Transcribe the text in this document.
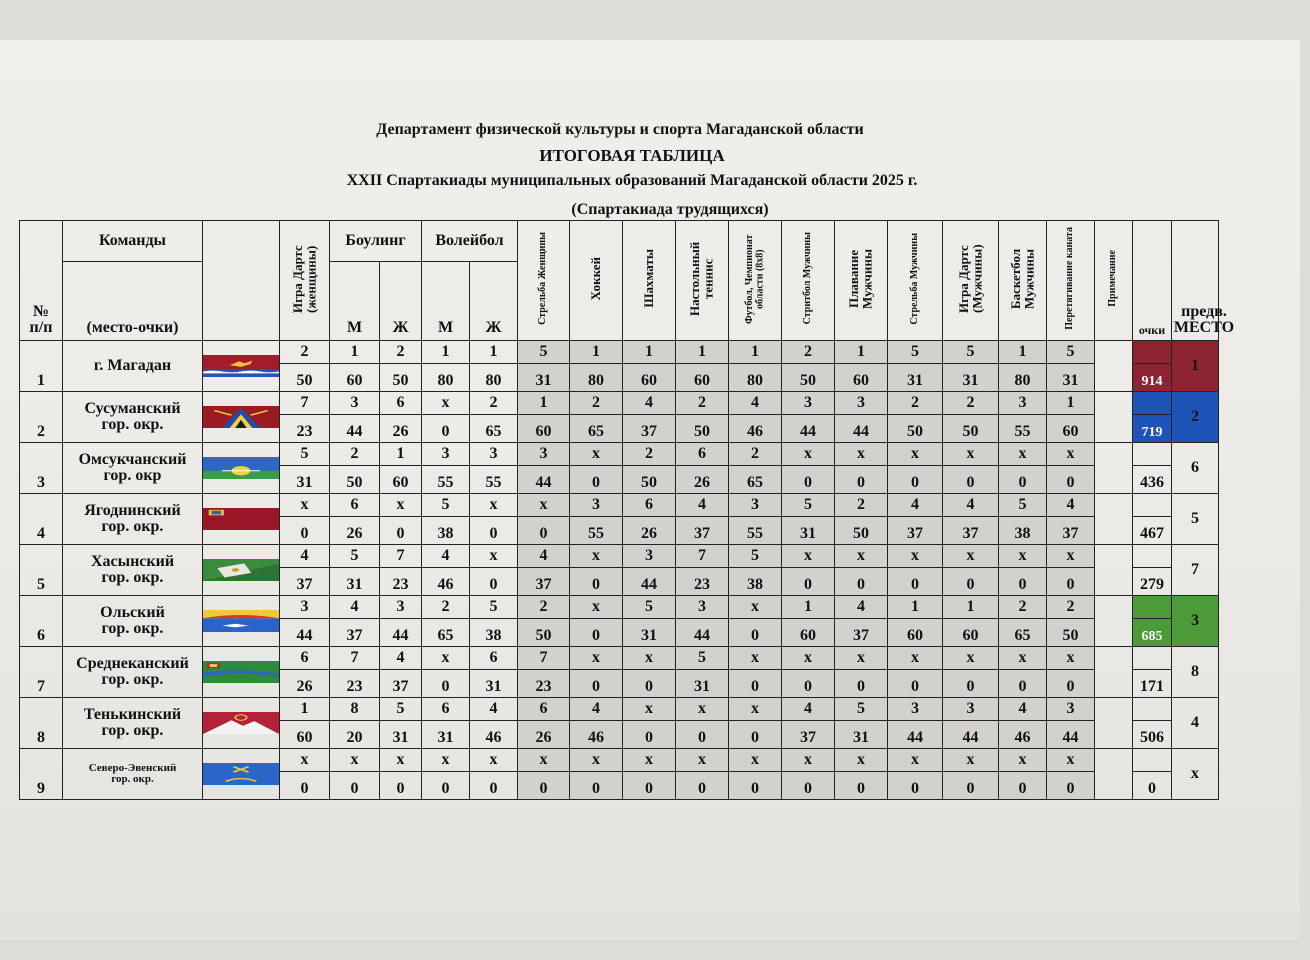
Департамент физической культуры и спорта Магаданской области
ИТОГОВАЯ ТАБЛИЦА
XXII Спартакиады муниципальных образований Магаданской области 2025 г.
(Спартакиада трудящихся)
№ п/п	Команды		Игра Дартс (женщины)	Боулинг		Волейбол		Стрельба Женщины	Хоккей	Шахматы	Настольный теннис	Футбол, Чемпионат области (8х8)	Стритбол Мужчины	Плавание Мужчины	Стрельба Мужчины	Игра Дартс (Мужчины)	Баскетбол Мужчины	Перетягивание каната	Примечание	очки	предв. МЕСТО
	(место-очки)			М	Ж	М	Ж														
1	г. Магадан		2	1	2	1	1	5	1	1	1	1	2	1	5	5	1	5			1
			50	60	50	80	80	31	80	60	60	80	50	60	31	31	80	31		914	
2	Сусуманский
гор. окр.		7	3	6	x	2	1	2	4	2	4	3	3	2	2	3	1			2
			23	44	26	0	65	60	65	37	50	46	44	44	50	50	55	60		719	
3	Омсукчанский
гор. окр		5	2	1	3	3	3	x	2	6	2	x	x	x	x	x	x			6
			31	50	60	55	55	44	0	50	26	65	0	0	0	0	0	0		436	
4	Ягоднинский
гор. окр.		x	6	x	5	x	x	3	6	4	3	5	2	4	4	5	4			5
			0	26	0	38	0	0	55	26	37	55	31	50	37	37	38	37		467	
5	Хасынский
гор. окр.		4	5	7	4	x	4	x	3	7	5	x	x	x	x	x	x			7
			37	31	23	46	0	37	0	44	23	38	0	0	0	0	0	0		279	
6	Ольский
гор. окр.		3	4	3	2	5	2	x	5	3	x	1	4	1	1	2	2			3
			44	37	44	65	38	50	0	31	44	0	60	37	60	60	65	50		685	
7	Среднеканский
гор. окр.		6	7	4	x	6	7	x	x	5	x	x	x	x	x	x	x			8
			26	23	37	0	31	23	0	0	31	0	0	0	0	0	0	0		171	
8	Тенькинский
гор. окр.		1	8	5	6	4	6	4	x	x	x	4	5	3	3	4	3			4
			60	20	31	31	46	26	46	0	0	0	37	31	44	44	46	44		506	
9	Северо-Эвенский
гор. окр.		x	x	x	x	x	x	x	x	x	x	x	x	x	x	x	x			x
			0	0	0	0	0	0	0	0	0	0	0	0	0	0	0	0		0	
